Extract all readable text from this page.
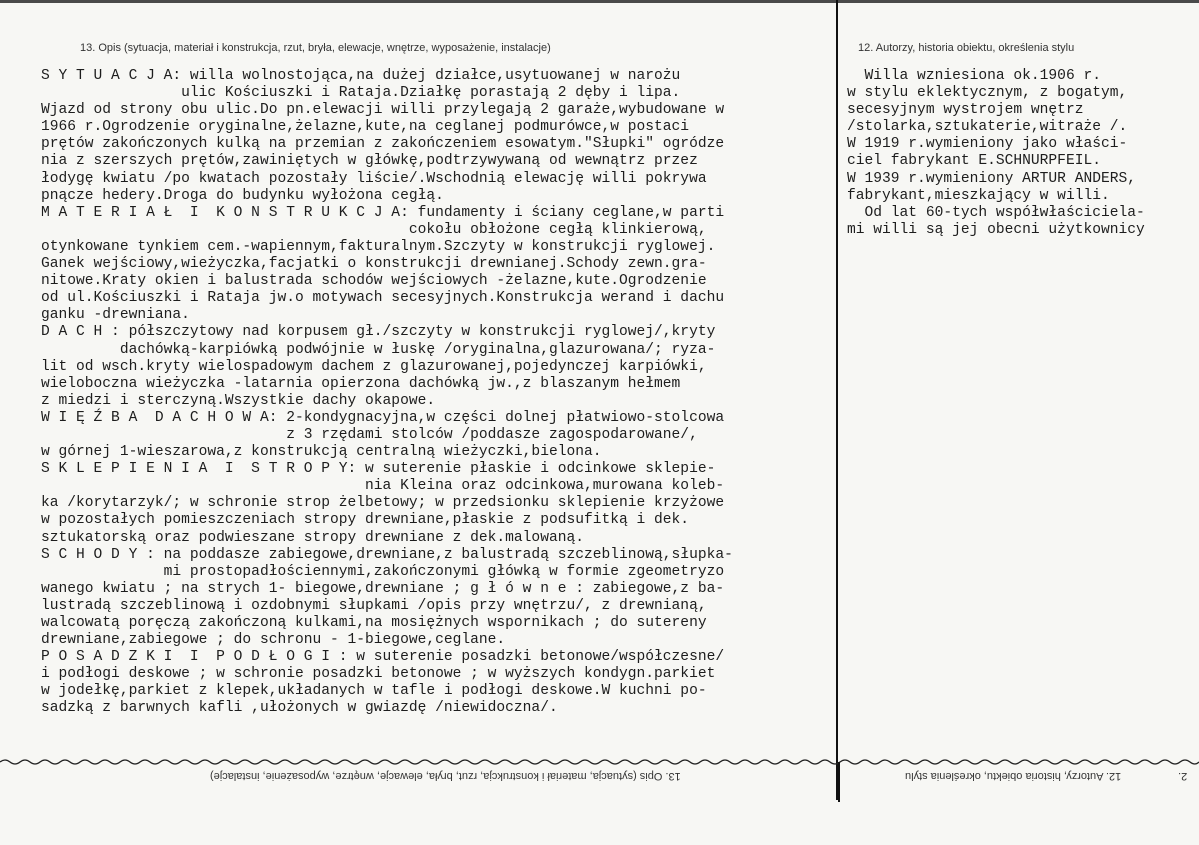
13. Opis (sytuacja, materiał i konstrukcja, rzut, bryła, elewacje, wnętrze, wyposażenie, instalacje)	12. Autorzy, historia obiektu, określenia stylu
S Y T U A C J A: willa wolnostojąca,na dużej działce,usytuowanej w narożu
ulic Kościuszki i Rataja.Działkę porastają 2 dęby i lipa.
Wjazd od strony obu ulic.Do pn.elewacji willi przylegają 2 garaże,wybudowane w
1966 r.Ogrodzenie oryginalne,żelazne,kute,na ceglanej podmurówce,w postaci
prętów zakończonych kulką na przemian z zakończeniem esowatym."Słupki" ogródze
nia z szerszych prętów,zawiniętych w główkę,podtrzywywaną od wewnątrz przez
łodygę kwiatu /po kwatach pozostały liście/.Wschodnią elewację willi pokrywa
pnącze hedery.Droga do budynku wyłożona cegłą.
M A T E R I A Ł  I  K O N S T R U K C J A: fundamenty i ściany ceglane,w parti
cokołu obłożone cegłą klinkierową,
otynkowane tynkiem cem.-wapiennym,fakturalnym.Szczyty w konstrukcji ryglowej.
Ganek wejściowy,wieżyczka,facjatki o konstrukcji drewnianej.Schody zewn.gra-
nitowe.Kraty okien i balustrada schodów wejściowych -żelazne,kute.Ogrodzenie
od ul.Kościuszki i Rataja jw.o motywach secesyjnych.Konstrukcja werand i dachu
ganku -drewniana.
D A C H : półszczytowy nad korpusem gł./szczyty w konstrukcji ryglowej/,kryty
dachówką-karpiówką podwójnie w łuskę /oryginalna,glazurowana/; ryza-
lit od wsch.kryty wielospadowym dachem z glazurowanej,pojedynczej karpiówki,
wieloboczna wieżyczka -latarnia opierzona dachówką jw.,z blaszanym hełmem
z miedzi i sterczyną.Wszystkie dachy okapowe.
W I Ę Ź B A  D A C H O W A: 2-kondygnacyjna,w części dolnej płatwiowo-stolcowa
z 3 rzędami stolców /poddasze zagospodarowane/,
w górnej 1-wieszarowa,z konstrukcją centralną wieżyczki,bielona.
S K L E P I E N I A  I  S T R O P Y: w suterenie płaskie i odcinkowe sklepie-
nia Kleina oraz odcinkowa,murowana koleb-
ka /korytarzyk/; w schronie strop żelbetowy; w przedsionku sklepienie krzyżowe
w pozostałych pomieszczeniach stropy drewniane,płaskie z podsufitką i dek.
sztukatorską oraz podwieszane stropy drewniane z dek.malowaną.
S C H O D Y : na poddasze zabiegowe,drewniane,z balustradą szczeblinową,słupka-
mi prostopadłościennymi,zakończonymi główką w formie zgeometryzo
wanego kwiatu ; na strych 1- biegowe,drewniane ; g ł ó w n e : zabiegowe,z ba-
lustradą szczeblinową i ozdobnymi słupkami /opis przy wnętrzu/, z drewnianą,
walcowatą poręczą zakończoną kulkami,na mosiężnych wspornikach ; do sutereny
drewniane,zabiegowe ; do schronu - 1-biegowe,ceglane.
P O S A D Z K I  I  P O D Ł O G I : w suterenie posadzki betonowe/współczesne/
i podłogi deskowe ; w schronie posadzki betonowe ; w wyższych kondygn.parkiet
w jodełkę,parkiet z klepek,układanych w tafle i podłogi deskowe.W kuchni po-
sadzką z barwnych kafli ,ułożonych w gwiazdę /niewidoczna/.
Willa wzniesiona ok.1906 r.
w stylu eklektycznym, z bogatym,
secesyjnym wystrojem wnętrz
/stolarka,sztukaterie,witraże /.
W 1919 r.wymieniony jako właści-
ciel fabrykant E.SCHNURPFEIL.
W 1939 r.wymieniony ARTUR ANDERS,
fabrykant,mieszkający w willi.
Od lat 60-tych współwłaściciela-
mi willi są jej obecni użytkownicy
13. Opis (sytuacja, materiał i konstrukcja, rzut, bryła, elewacje, wnętrze, wyposażenie, instalacje)	12. Autorzy, historia obiektu, określenia stylu	2.
